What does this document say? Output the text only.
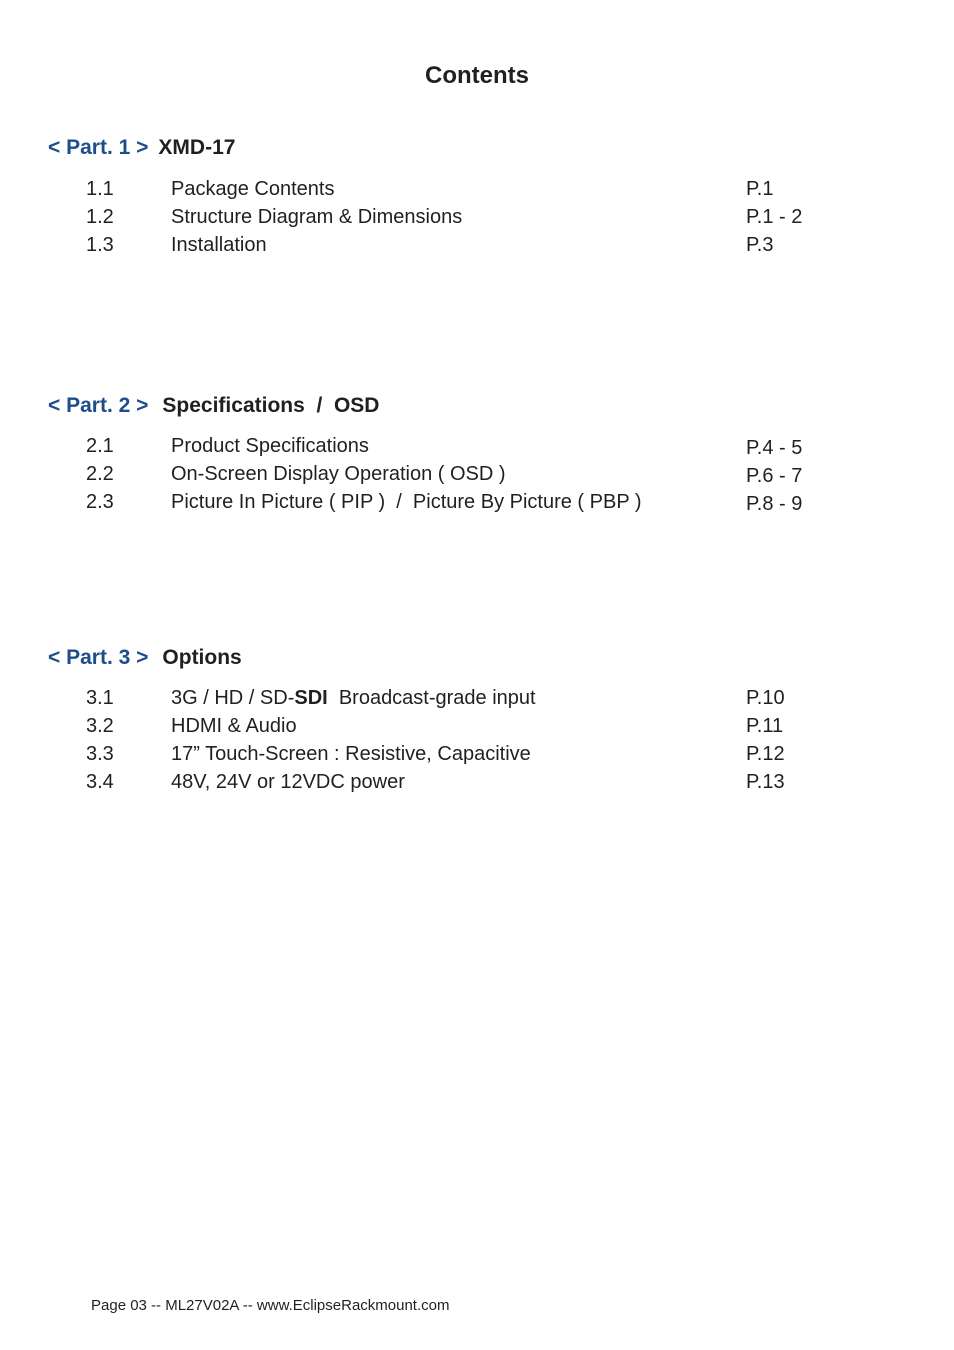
Contents
< Part. 1 > XMD-17
1.1	Package Contents	P.1
1.2	Structure Diagram & Dimensions	P.1 - 2
1.3	Installation	P.3
< Part. 2 > Specifications  /  OSD
2.1	Product Specifications	P.4 - 5
2.2	On-Screen Display Operation ( OSD )	P.6 - 7
2.3	Picture In Picture ( PIP )  /  Picture By Picture ( PBP )	P.8 - 9
< Part. 3 > Options
3.1	3G / HD / SD-SDI  Broadcast-grade input	P.10
3.2	HDMI & Audio	P.11
3.3	17” Touch-Screen : Resistive, Capacitive	P.12
3.4	48V, 24V or 12VDC power	P.13
Page 03 -- ML27V02A -- www.EclipseRackmount.com
